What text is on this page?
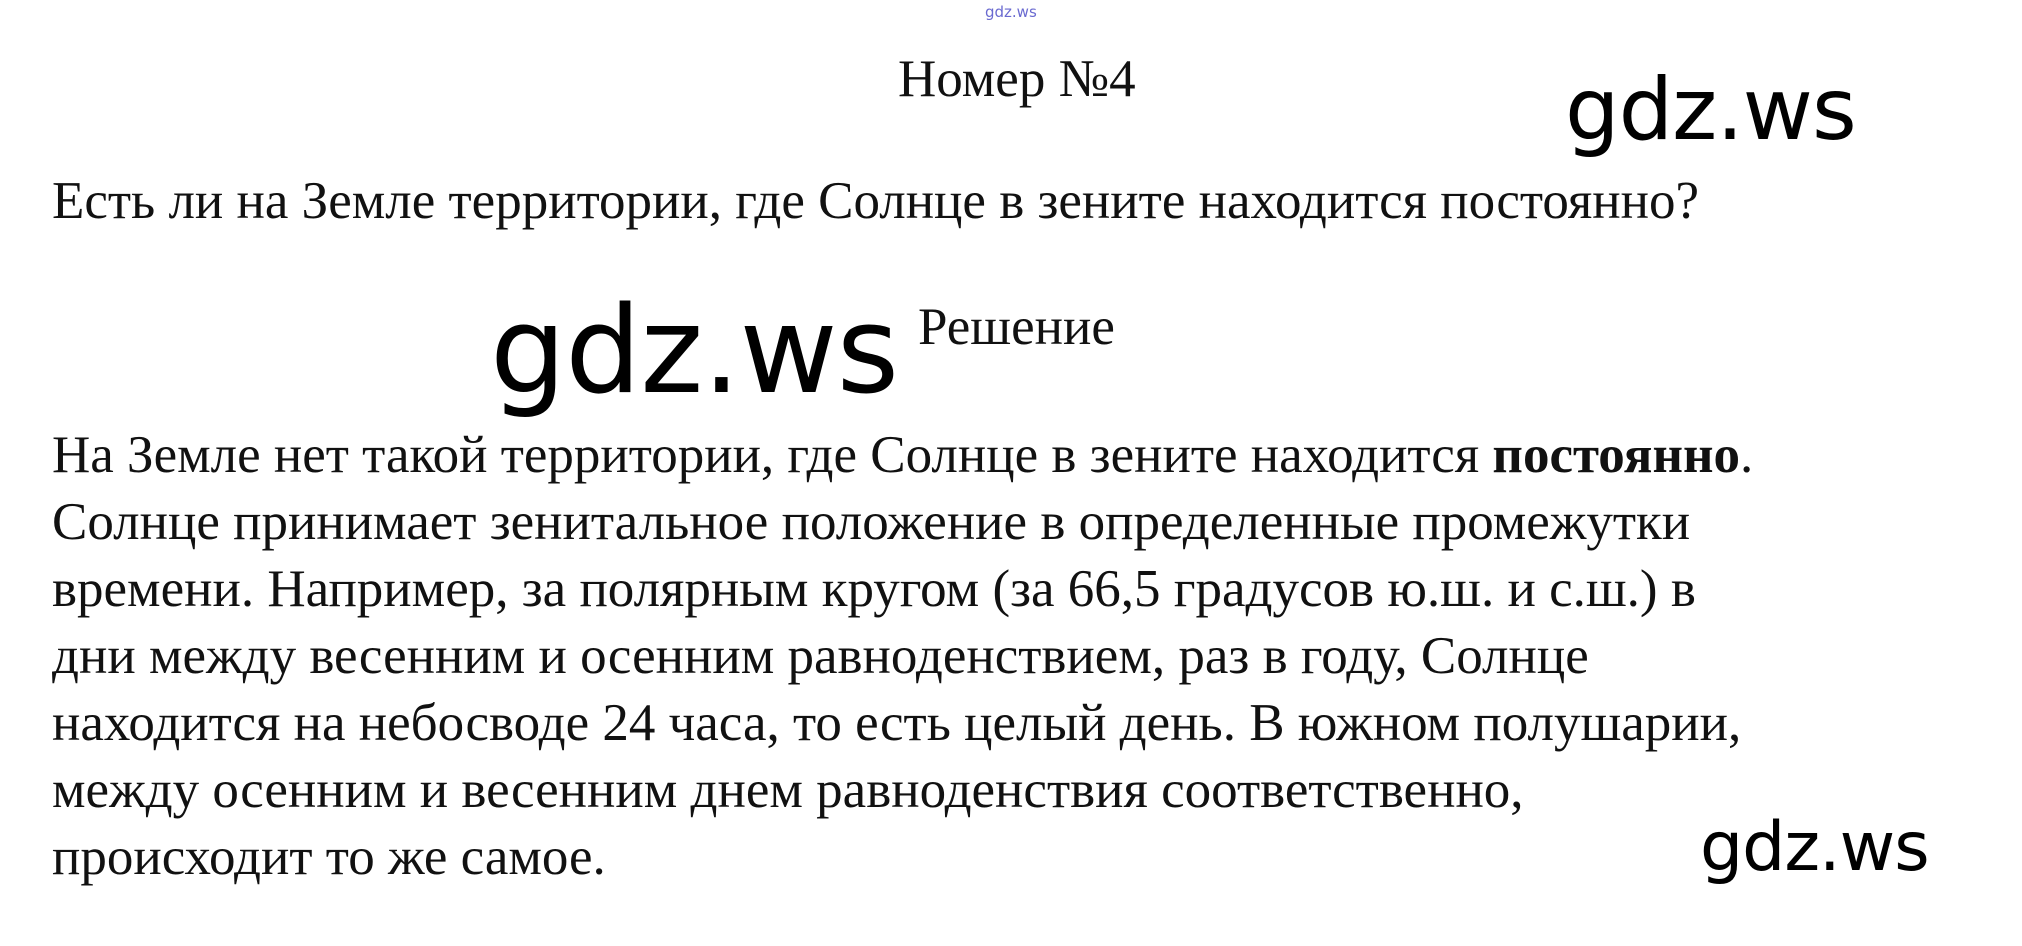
gdz.ws
Номер №4	gdz.ws
Есть ли на Земле территории, где Солнце в зените находится постоянно?
gdz.ws Решение
На Земле нет такой территории, где Солнце в зените находится постоянно.
Солнце принимает зенитальное положение в определенные промежутки
времени. Например, за полярным кругом (за 66,5 градусов ю.ш. и с.ш.) в
дни между весенним и осенним равноденствием, раз в году, Солнце
находится на небосводе 24 часа, то есть целый день. В южном полушарии,
между осенним и весенним днем равноденствия соответственно,
происходит то же самое.	gdz.ws
